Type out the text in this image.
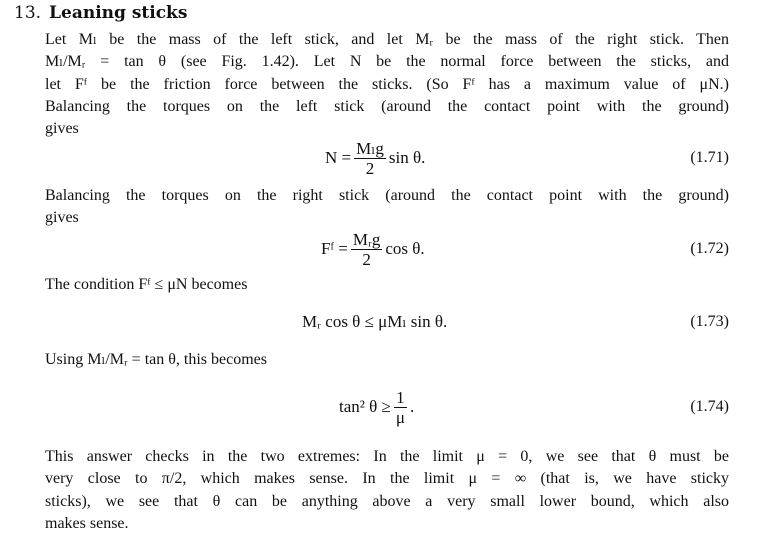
13. Leaning sticks
Let Mₗ be the mass of the left stick, and let Mᵣ be the mass of the right stick. Then
Mₗ/Mᵣ = tan θ (see Fig. 1.42). Let N be the normal force between the sticks, and
let Fᶠ be the friction force between the sticks. (So Fᶠ has a maximum value of μN.)
Balancing the torques on the left stick (around the contact point with the ground)
gives
$N = \frac{\text{Mₗg}}{2}$ sin θ.	(1.71)
Balancing the torques on the right stick (around the contact point with the ground)
gives
Fᶠ = $\frac{\text{Mᵣg}}{2}$ cos θ.	(1.72)
The condition Fᶠ ≤ μN becomes
Mᵣ cos θ ≤ μMₗ sin θ.	(1.73)
Using Mₗ/Mᵣ = tan θ, this becomes
tan² $\theta \ge \frac{1}{\mu}$ .	(1.74)
This answer checks in the two extremes: In the limit μ = 0, we see that θ must be
very close to π/2, which makes sense. In the limit μ = ∞ (that is, we have sticky
sticks), we see that θ can be anything above a very small lower bound, which also
makes sense.
